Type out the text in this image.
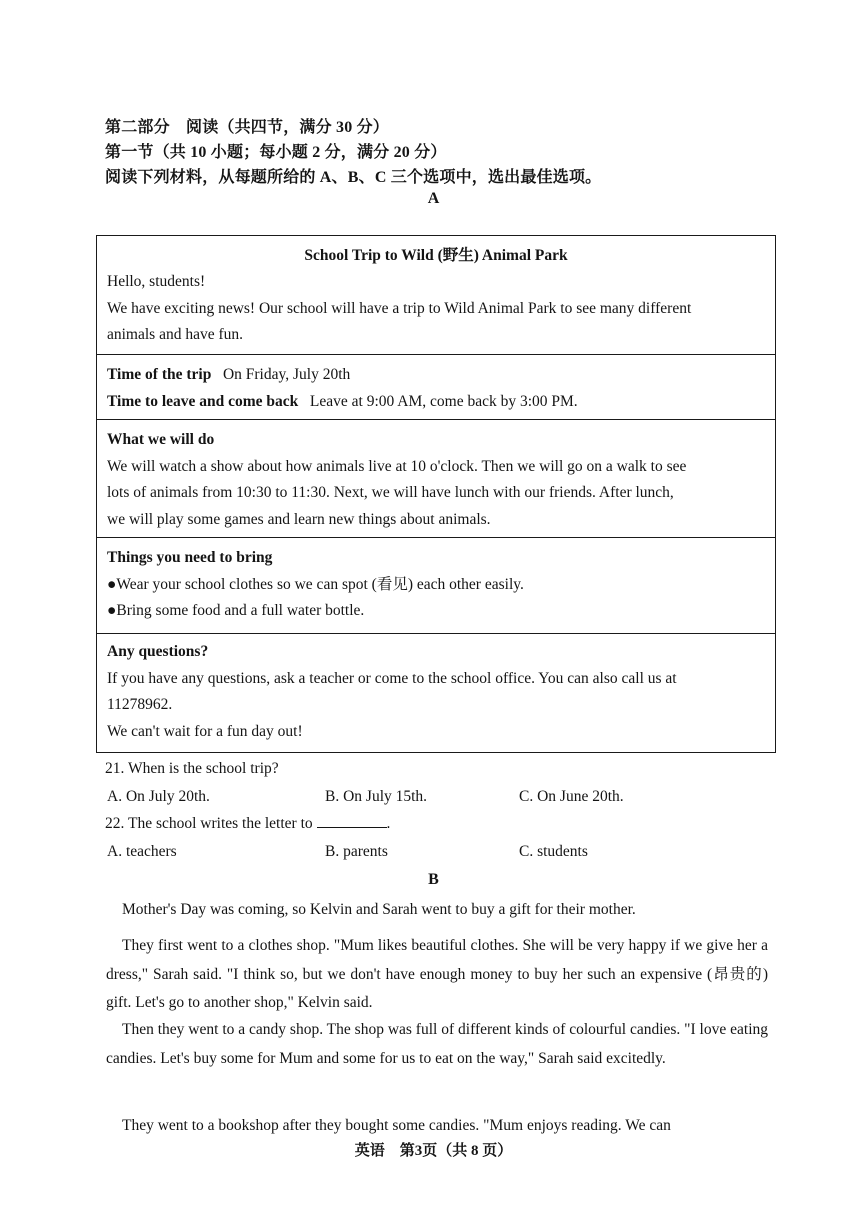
第二部分　阅读（共四节，满分 30 分）
第一节（共 10 小题；每小题 2 分，满分 20 分）
阅读下列材料，从每题所给的 A、B、C 三个选项中，选出最佳选项。
A
School Trip to Wild (野生) Animal Park
Hello, students!
We have exciting news! Our school will have a trip to Wild Animal Park to see many different
animals and have fun.
Time of the trip On Friday, July 20th
Time to leave and come back Leave at 9:00 AM, come back by 3:00 PM.
What we will do
We will watch a show about how animals live at 10 o'clock. Then we will go on a walk to see
lots of animals from 10:30 to 11:30. Next, we will have lunch with our friends. After lunch,
we will play some games and learn new things about animals.
Things you need to bring
●Wear your school clothes so we can spot (看见) each other easily.
●Bring some food and a full water bottle.
Any questions?
If you have any questions, ask a teacher or come to the school office. You can also call us at
11278962.
We can't wait for a fun day out!
21. When is the school trip?
A. On July 20th.	B. On July 15th.	C. On June 20th.
22. The school writes the letter to	.
A. teachers	B. parents	C. students
B
Mother's Day was coming, so Kelvin and Sarah went to buy a gift for their mother.
They first went to a clothes shop. "Mum likes beautiful clothes. She will be very happy if we give her a dress," Sarah said. "I think so, but we don't have enough money to buy her such an expensive (昂贵的) gift. Let's go to another shop," Kelvin said.
Then they went to a candy shop. The shop was full of different kinds of colourful candies. "I love eating candies. Let's buy some for Mum and some for us to eat on the way," Sarah said excitedly.
They went to a bookshop after they bought some candies. "Mum enjoys reading. We can
英语　第3页（共 8 页）
